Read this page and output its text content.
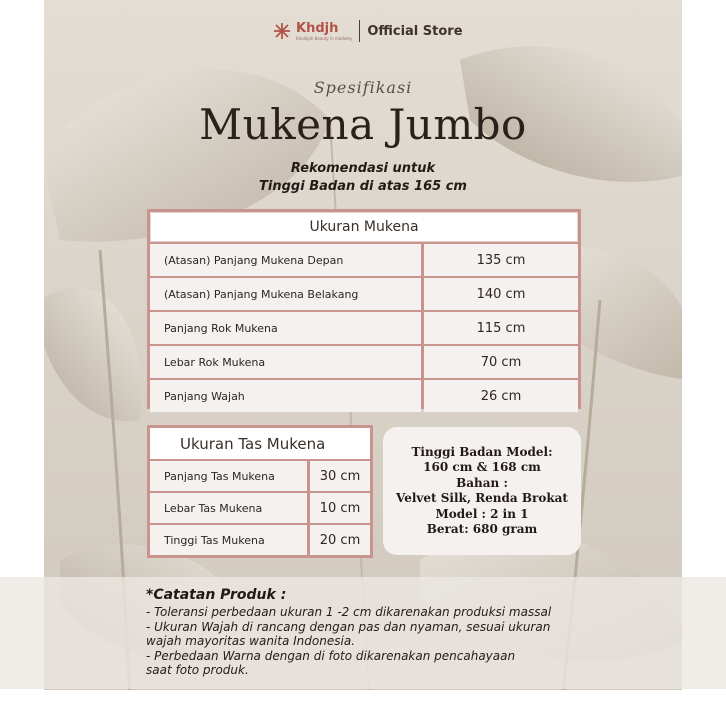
Khdjh
Khadijah Beauty in modesty Official Store
Spesifikasi
Mukena Jumbo
Rekomendasi untuk
Tinggi Badan di atas 165 cm
Ukuran Mukena
(Atasan) Panjang Mukena Depan	135 cm
(Atasan) Panjang Mukena Belakang	140 cm
Panjang Rok Mukena	115 cm
Lebar Rok Mukena	70 cm
Panjang Wajah	26 cm
Ukuran Tas Mukena
Panjang Tas Mukena	30 cm
Lebar Tas Mukena	10 cm
Tinggi Tas Mukena	20 cm
Tinggi Badan Model:
160 cm & 168 cm
Bahan :
Velvet Silk, Renda Brokat
Model : 2 in 1
Berat: 680 gram
*Catatan Produk :
- Toleransi perbedaan ukuran 1 -2 cm dikarenakan produksi massal
- Ukuran Wajah di rancang dengan pas dan nyaman, sesuai ukuran
wajah mayoritas wanita Indonesia.
- Perbedaan Warna dengan di foto dikarenakan pencahayaan
saat foto produk.
